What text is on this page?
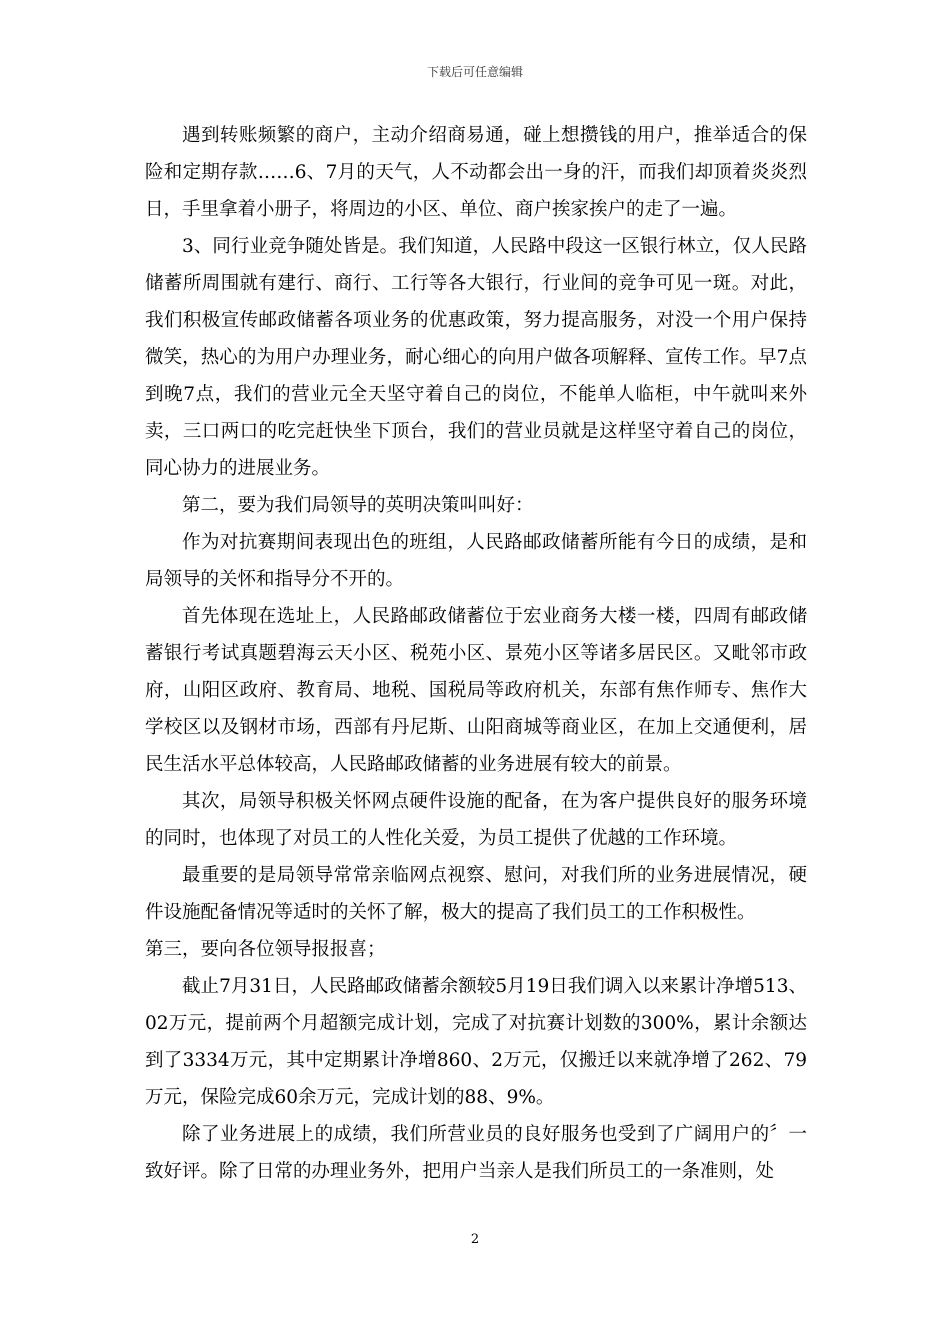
下载后可任意编辑

遇到转账频繁的商户，主动介绍商易通，碰上想攒钱的用户，推举适合的保险和定期存款……6、7月的天气，人不动都会出一身的汗，而我们却顶着炎炎烈日，手里拿着小册子，将周边的小区、单位、商户挨家挨户的走了一遍。

3、同行业竞争随处皆是。我们知道，人民路中段这一区银行林立，仅人民路储蓄所周围就有建行、商行、工行等各大银行，行业间的竞争可见一斑。对此，我们积极宣传邮政储蓄各项业务的优惠政策，努力提高服务，对没一个用户保持微笑，热心的为用户办理业务，耐心细心的向用户做各项解释、宣传工作。早7点到晚7点，我们的营业元全天坚守着自己的岗位，不能单人临柜，中午就叫来外卖，三口两口的吃完赶快坐下顶台，我们的营业员就是这样坚守着自己的岗位，同心协力的进展业务。

第二，要为我们局领导的英明决策叫叫好：

作为对抗赛期间表现出色的班组，人民路邮政储蓄所能有今日的成绩，是和局领导的关怀和指导分不开的。

首先体现在选址上，人民路邮政储蓄位于宏业商务大楼一楼，四周有邮政储蓄银行考试真题碧海云天小区、税苑小区、景苑小区等诸多居民区。又毗邻市政府，山阳区政府、教育局、地税、国税局等政府机关，东部有焦作师专、焦作大学校区以及钢材市场，西部有丹尼斯、山阳商城等商业区，在加上交通便利，居民生活水平总体较高，人民路邮政储蓄的业务进展有较大的前景。

其次，局领导积极关怀网点硬件设施的配备，在为客户提供良好的服务环境的同时，也体现了对员工的人性化关爱，为员工提供了优越的工作环境。

最重要的是局领导常常亲临网点视察、慰问，对我们所的业务进展情况，硬件设施配备情况等适时的关怀了解，极大的提高了我们员工的工作积极性。

第三，要向各位领导报报喜；

截止7月31日，人民路邮政储蓄余额较5月19日我们调入以来累计净增513、02万元，提前两个月超额完成计划，完成了对抗赛计划数的300%，累计余额达到了3334万元，其中定期累计净增860、2万元，仅搬迁以来就净增了262、79万元，保险完成60余万元，完成计划的88、9%。

除了业务进展上的成绩，我们所营业员的良好服务也受到了广阔用户的〞一致好评。除了日常的办理业务外，把用户当亲人是我们所员工的一条准则，处

2
